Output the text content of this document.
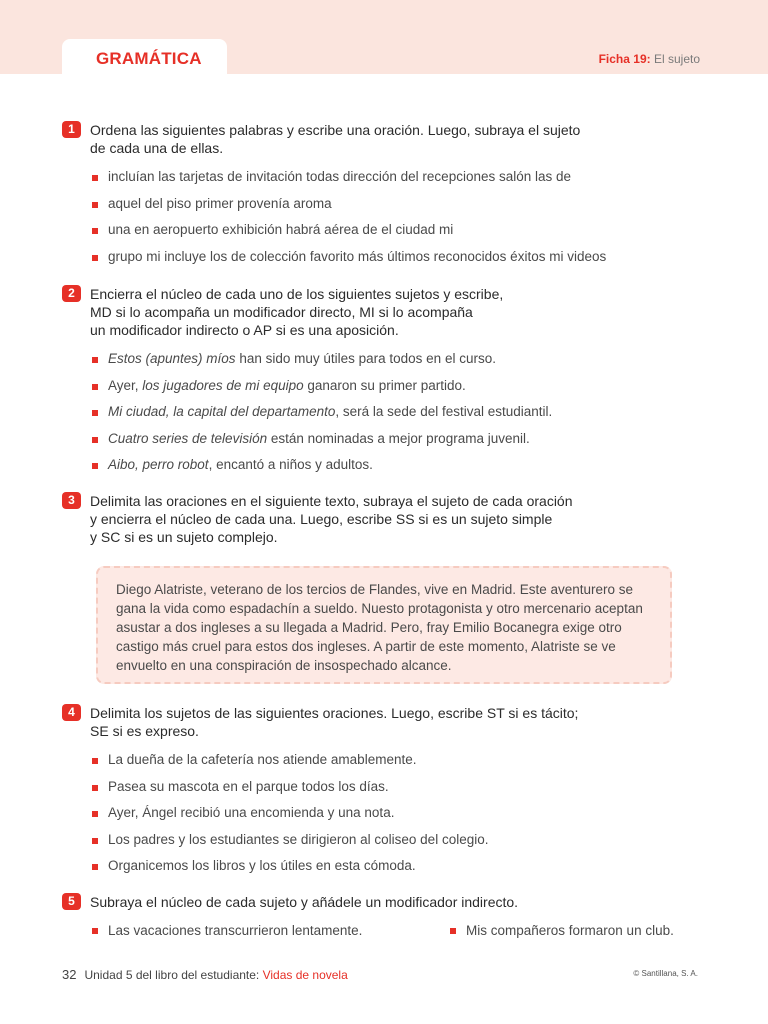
GRAMÁTICA	Ficha 19: El sujeto
1	Ordena las siguientes palabras y escribe una oración. Luego, subraya el sujeto
de cada una de ellas.

incluían las tarjetas de invitación todas dirección del recepciones salón las de
aquel del piso primer provenía aroma
una en aeropuerto exhibición habrá aérea de el ciudad mi
grupo mi incluye los de colección favorito más últimos reconocidos éxitos mi videos
2	Encierra el núcleo de cada uno de los siguientes sujetos y escribe,
MD si lo acompaña un modificador directo, MI si lo acompaña
un modificador indirecto o AP si es una aposición.

Estos (apuntes) míos han sido muy útiles para todos en el curso.
Ayer, los jugadores de mi equipo ganaron su primer partido.
Mi ciudad, la capital del departamento, será la sede del festival estudiantil.
Cuatro series de televisión están nominadas a mejor programa juvenil.
Aibo, perro robot, encantó a niños y adultos.
3	Delimita las oraciones en el siguiente texto, subraya el sujeto de cada oración
y encierra el núcleo de cada una. Luego, escribe SS si es un sujeto simple
y SC si es un sujeto complejo.

Diego Alatriste, veterano de los tercios de Flandes, vive en Madrid. Este aventurero se gana la vida como espadachín a sueldo. Nuesto protagonista y otro mercenario aceptan asustar a dos ingleses a su llegada a Madrid. Pero, fray Emilio Bocanegra exige otro castigo más cruel para estos dos ingleses. A partir de este momento, Alatriste se ve envuelto en una conspiración de insospechado alcance.
4	Delimita los sujetos de las siguientes oraciones. Luego, escribe ST si es tácito;
SE si es expreso.

La dueña de la cafetería nos atiende amablemente.
Pasea su mascota en el parque todos los días.
Ayer, Ángel recibió una encomienda y una nota.
Los padres y los estudiantes se dirigieron al coliseo del colegio.
Organicemos los libros y los útiles en esta cómoda.
5	Subraya el núcleo de cada sujeto y añádele un modificador indirecto.

Las vacaciones transcurrieron lentamente.	Mis compañeros formaron un club.
32 Unidad 5 del libro del estudiante: Vidas de novela	© Santillana, S. A.
